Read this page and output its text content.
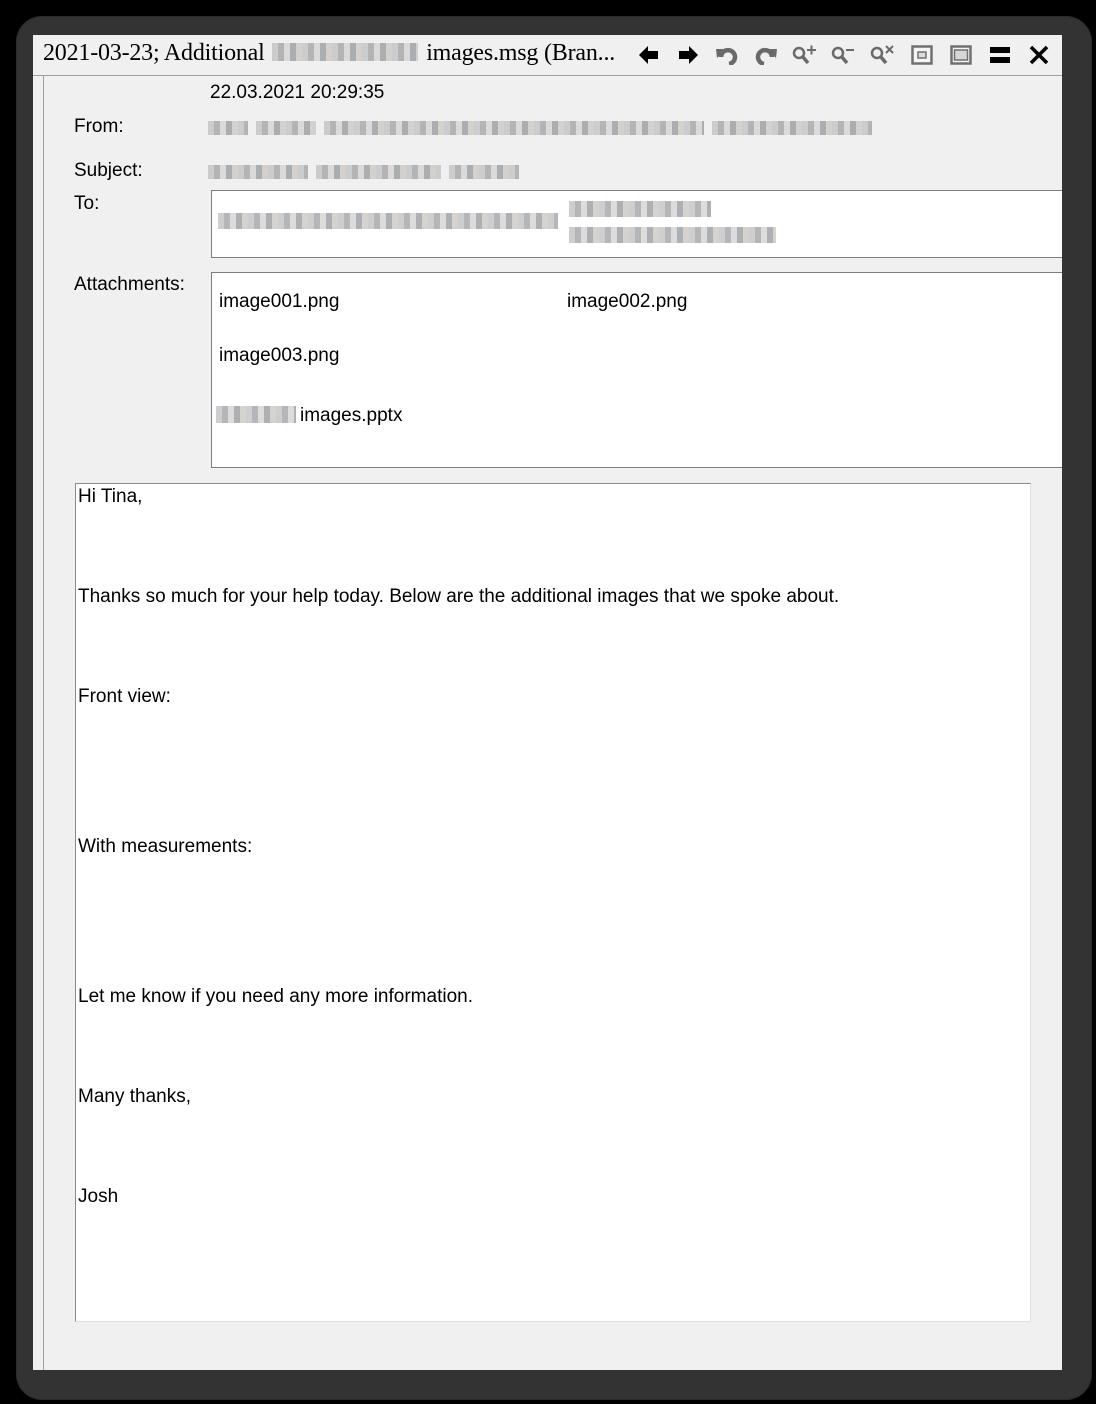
2021-03-23; Additional	images.msg (Bran...
22.03.2021 20:29:35
From:

Subject:

To:
Attachments:
image001.png	image002.png
image003.png
images.pptx
Hi Tina,
Thanks so much for your help today. Below are the additional images that we spoke about.
Front view:
With measurements:
Let me know if you need any more information.
Many thanks,
Josh
